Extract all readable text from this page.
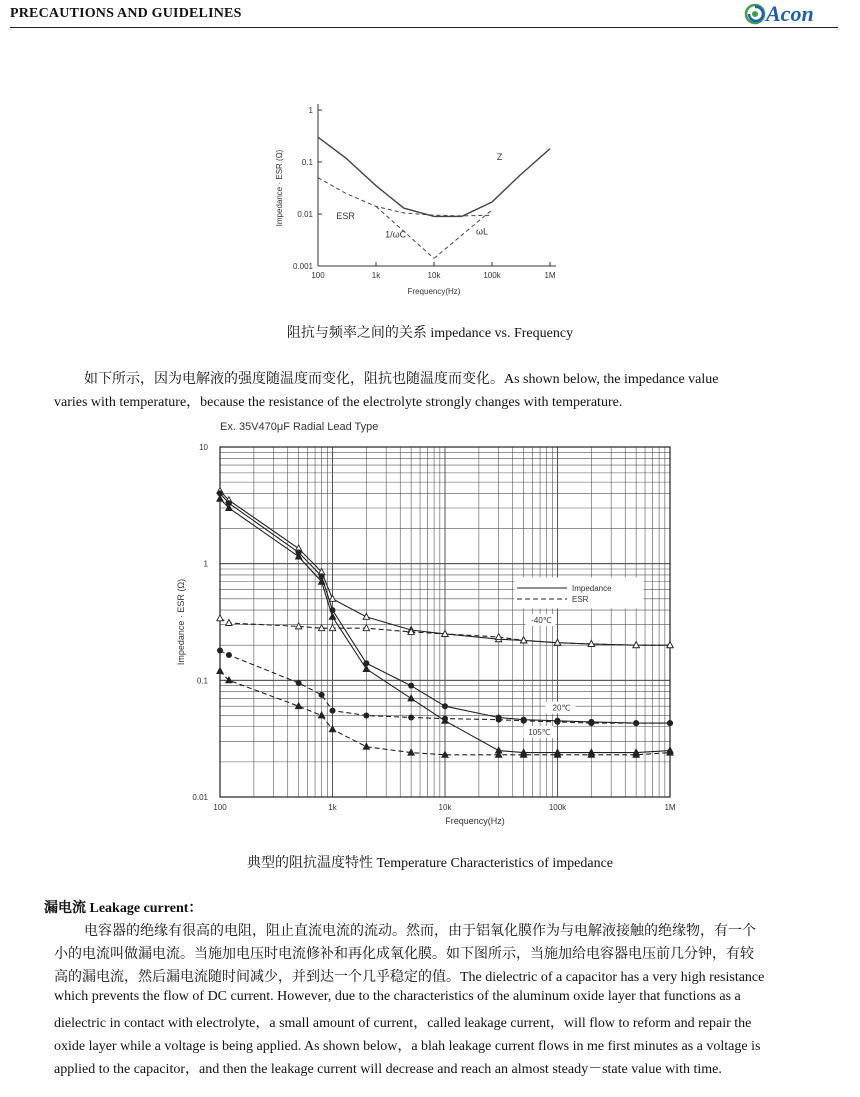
PRECAUTIONS AND GUIDELINES	Acon
100	1k	10k	100k	1M
1
0.1
0.01
0.001
Frequency(Hz)
Impedance · ESR (Ω)	Z
ESR
1/ωC	ωL
阻抗与频率之间的关系 impedance vs. Frequency
如下所示，因为电解液的强度随温度而变化，阻抗也随温度而变化。As shown below, the impedance value
varies with temperature，because the resistance of the electrolyte strongly changes with temperature.
Ex. 35V470μF Radial Lead Type
100	1k	10k	100k	1M
10
1
0.1
0.01
Frequency(Hz)
Impedance · ESR (Ω)	-40℃
20℃
105℃
Impedance
ESR
典型的阻抗温度特性 Temperature Characteristics of impedance
漏电流 Leakage current：
电容器的绝缘有很高的电阻，阻止直流电流的流动。然而，由于铝氧化膜作为与电解液接触的绝缘物，有一个
小的电流叫做漏电流。当施加电压时电流修补和再化成氧化膜。如下图所示，当施加给电容器电压前几分钟，有较
高的漏电流，然后漏电流随时间减少，并到达一个几乎稳定的值。The dielectric of a capacitor has a very high resistance
which prevents the flow of DC current. However, due to the characteristics of the aluminum oxide layer that functions as a
dielectric in contact with electrolyte，a small amount of current，called leakage current，will flow to reform and repair the
oxide layer while a voltage is being applied. As shown below，a blah leakage current flows in me first minutes as a voltage is
applied to the capacitor，and then the leakage current will decrease and reach an almost steady－state value with time.
